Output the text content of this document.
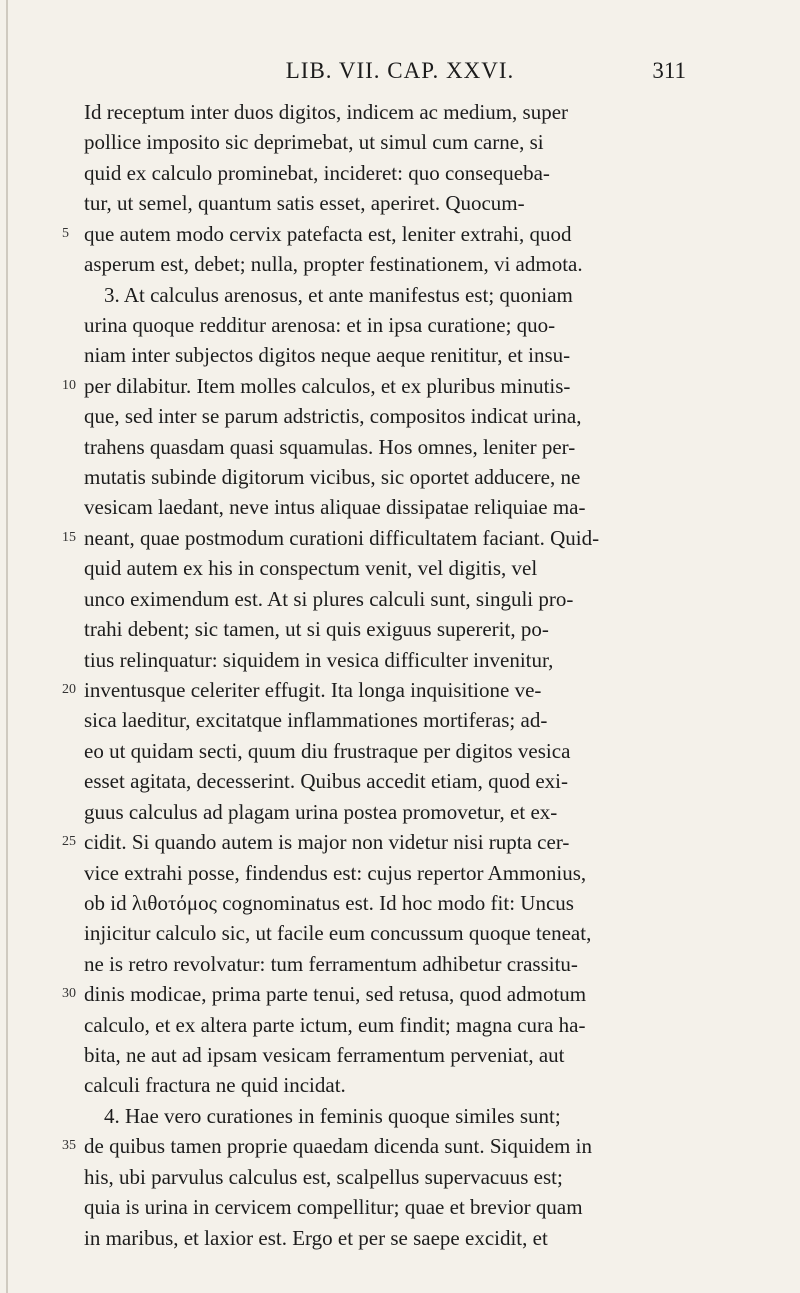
LIB. VII. CAP. XXVI.	311
Id receptum inter duos digitos, indicem ac medium, super
pollice imposito sic deprimebat, ut simul cum carne, si
quid ex calculo prominebat, incideret: quo consequeba-
tur, ut semel, quantum satis esset, aperiret. Quocum-
5 que autem modo cervix patefacta est, leniter extrahi, quod
asperum est, debet; nulla, propter festinationem, vi admota.
3. At calculus arenosus, et ante manifestus est; quoniam
urina quoque redditur arenosa: et in ipsa curatione; quo-
niam inter subjectos digitos neque aeque renititur, et insu-
10 per dilabitur. Item molles calculos, et ex pluribus minutis-
que, sed inter se parum adstrictis, compositos indicat urina,
trahens quasdam quasi squamulas. Hos omnes, leniter per-
mutatis subinde digitorum vicibus, sic oportet adducere, ne
vesicam laedant, neve intus aliquae dissipatae reliquiae ma-
15 neant, quae postmodum curationi difficultatem faciant. Quid-
quid autem ex his in conspectum venit, vel digitis, vel
unco eximendum est. At si plures calculi sunt, singuli pro-
trahi debent; sic tamen, ut si quis exiguus supererit, po-
tius relinquatur: siquidem in vesica difficulter invenitur,
20 inventusque celeriter effugit. Ita longa inquisitione ve-
sica laeditur, excitatque inflammationes mortiferas; ad-
eo ut quidam secti, quum diu frustraque per digitos vesica
esset agitata, decesserint. Quibus accedit etiam, quod exi-
guus calculus ad plagam urina postea promovetur, et ex-
25 cidit. Si quando autem is major non videtur nisi rupta cer-
vice extrahi posse, findendus est: cujus repertor Ammonius,
ob id λιθοτόμος cognominatus est. Id hoc modo fit: Uncus
injicitur calculo sic, ut facile eum concussum quoque teneat,
ne is retro revolvatur: tum ferramentum adhibetur crassitu-
30 dinis modicae, prima parte tenui, sed retusa, quod admotum
calculo, et ex altera parte ictum, eum findit; magna cura ha-
bita, ne aut ad ipsam vesicam ferramentum perveniat, aut
calculi fractura ne quid incidat.
4. Hae vero curationes in feminis quoque similes sunt;
35 de quibus tamen proprie quaedam dicenda sunt. Siquidem in
his, ubi parvulus calculus est, scalpellus supervacuus est;
quia is urina in cervicem compellitur; quae et brevior quam
in maribus, et laxior est. Ergo et per se saepe excidit, et
